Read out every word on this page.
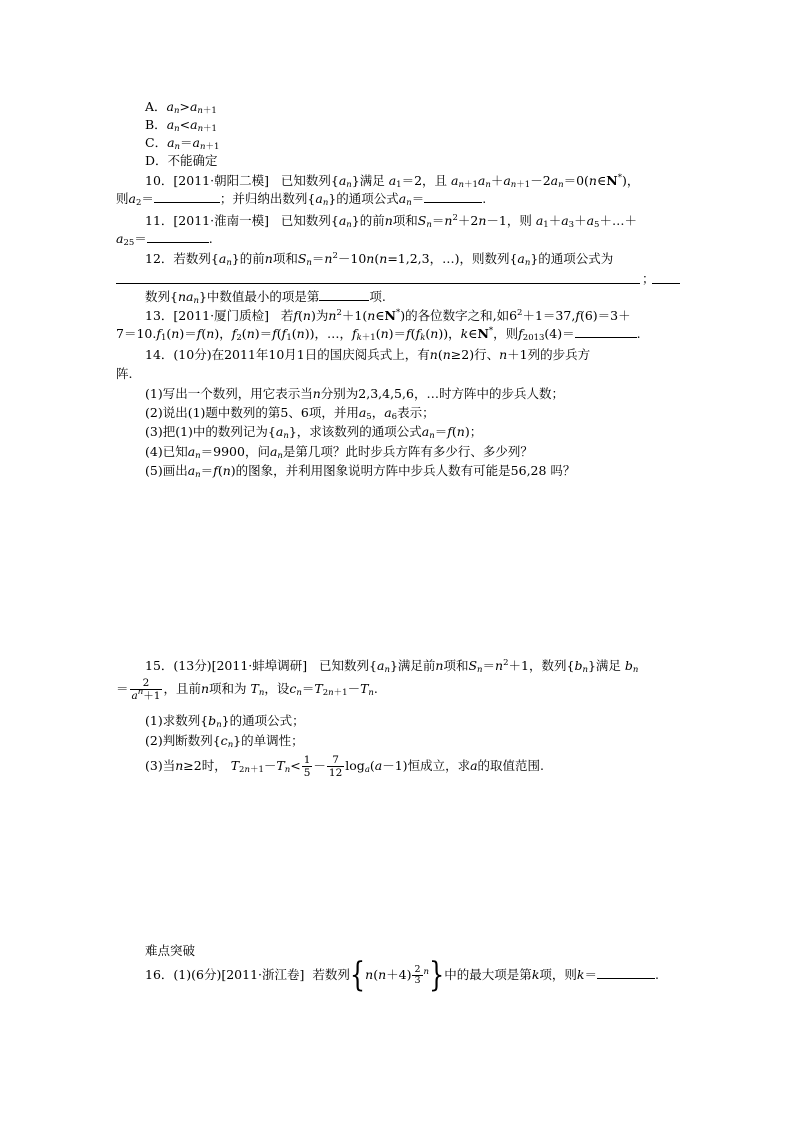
A．$a_n>a_{n+1}$
B．$a_n<a_{n+1}$
C．$a_n=a_{n+1}$
D．不能确定
10．[2011·朝阳二模] 已知数列$\{a_n\}$满足 $a_1=2$，且 $a_{n+1}a_n+a_{n+1}-2a_n=0(n\in N^*)$，
则$a_2=$	；并归纳出数列$\{a_n\}$的通项公式$a_n=$	.
11．[2011·淮南一模] 已知数列$\{a_n\}$的前n项和$S_n=n^2+2n-1$，则 $a_1+a_3+a_5+\dots+$
$a_{25}=$	.
12．若数列$\{a_n\}$的前n项和$S_n=n^2-10n(n=1,2,3$，…)，则数列$\{a_n\}$的通项公式为
；
数列$\{na_n\}$中数值最小的项是第	项.
13．[2011·厦门质检] 若f(n)为$n^2+1(n\in N^*)$的各位数字之和,如$6^2+1=37,f(6)=3+$
$7=10.f_1(n)=f(n)$，$f_2(n)=f(f_1(n))$，…，$f_{k+1}(n)=f(f_k(n))$，k∈N*，则$f_{2013}(4)=$	.
14．(10分)在2011年10月1日的国庆阅兵式上，有n(n≥2)行、n＋1列的步兵方
阵.
(1)写出一个数列，用它表示当n分别为2,3,4,5,6，…时方阵中的步兵人数；
(2)说出(1)题中数列的第5、6项，并用$a_5$，$a_6$表示；
(3)把(1)中的数列记为$\{a_n\}$，求该数列的通项公式$a_n=f(n)$；
(4)已知$a_n=9900$，问$a_n$是第几项？此时步兵方阵有多少行、多少列？
(5)画出$a_n=f(n)$的图象，并利用图象说明方阵中步兵人数有可能是56,28 吗？
15．(13分)[2011·蚌埠调研] 已知数列$\{a_n\}$满足前n项和$S_n=n^2+1$，数列$\{b_n\}$满足 $b_n$
＝ $\frac{2}{a^n+1}$ ，且前n项和为 $T_n$，设$c_n=T_{2n+1}-T_n$.
(1)求数列$\{b_n\}$的通项公式；
(2)判断数列$\{c_n\}$的单调性；
(3)当n≥2时， $T_{2n+1}-T_n< \frac{1}{5} - \frac{7}{12} \log_a(a-1)$恒成立，求a的取值范围.
难点突破
16．(1)(6分)[2011·浙江卷] 若数列$\{n(n+4) \frac{2}{3} ^n\}$中的最大项是第k项，则k＝	.
